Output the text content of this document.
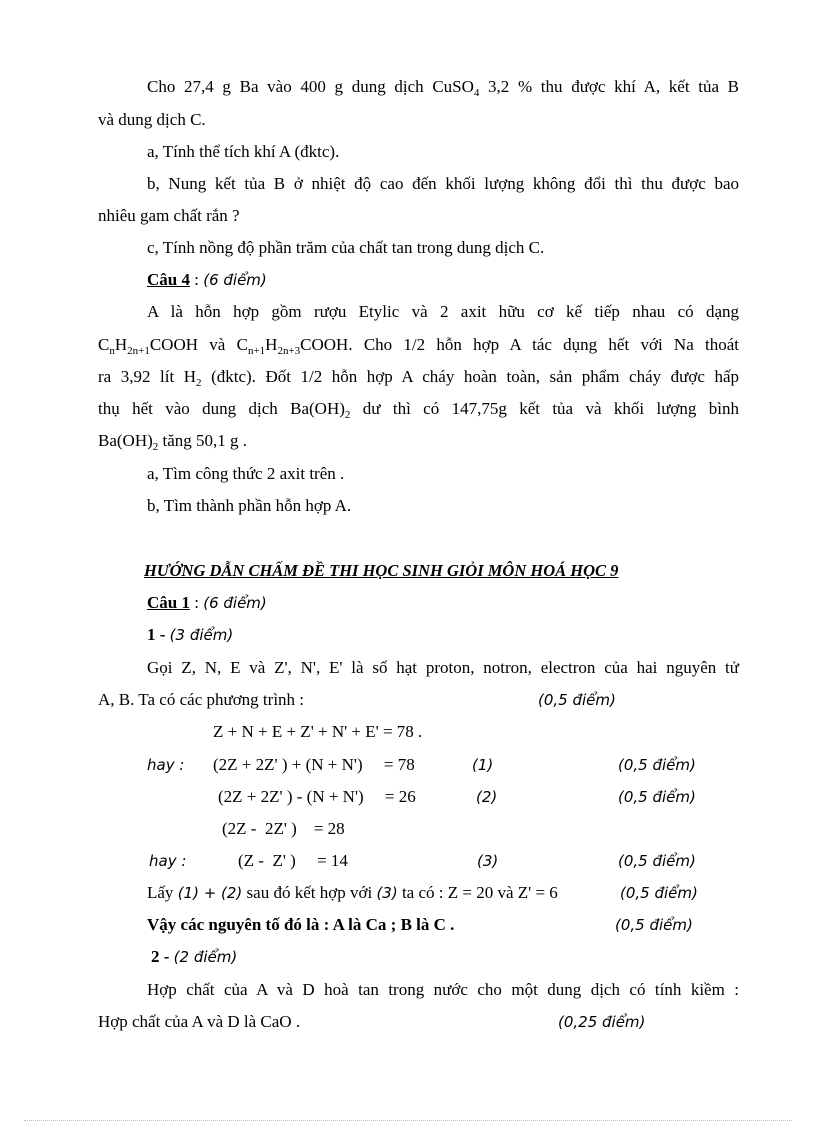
Cho 27,4 g Ba vào 400 g dung dịch CuSO$_4$ 3,2 % thu được khí A, kết tủa B
và dung dịch C.
a, Tính thể tích khí A (đktc).
b, Nung kết tủa B ở nhiệt độ cao đến khối lượng không đổi thì thu được bao
nhiêu gam chất rắn ?
c, Tính nồng độ phần trăm của chất tan trong dung dịch C.
Câu 4 : (6 điểm)
A là hỗn hợp gồm rượu Etylic và 2 axit hữu cơ kế tiếp nhau có dạng
$C_nH_{2n+1}COOH$ và $C_{n+1}H_{2n+3}COOH$. Cho 1/2 hỗn hợp A tác dụng hết với Na thoát
ra 3,92 lít $H_2$ (đktc). Đốt 1/2 hỗn hợp A cháy hoàn toàn, sản phẩm cháy được hấp
thụ hết vào dung dịch $Ba(OH)_2$ dư thì có 147,75g kết tủa và khối lượng bình
$Ba(OH)_2$ tăng 50,1 g .
a, Tìm công thức 2 axit trên .
b, Tìm thành phần hỗn hợp A.
HƯỚNG DẪN CHẤM ĐỀ THI HỌC SINH GIỎI MÔN HOÁ HỌC 9
Câu 1 : (6 điểm)
1 - (3 điểm)
Gọi Z, N, E và Z', N', E' là số hạt proton, notron, electron của hai nguyên tử
A, B. Ta có các phương trình :	(0,5 điểm)
Z + N + E + Z' + N' + E' = 78 .
hay : (2Z + 2Z' ) + (N + N')     = 78	(1)	(0,5 điểm)
(2Z + 2Z' ) - (N + N')     = 26	(2)	(0,5 điểm)
(2Z -  2Z' )    = 28
hay :	(Z -  Z' )     = 14	(3)	(0,5 điểm)
Lấy (1) + (2) sau đó kết hợp với (3) ta có : Z = 20 và Z' = 6	(0,5 điểm)
Vậy các nguyên tố đó là : A là Ca ; B là C .	(0,5 điểm)
2 - (2 điểm)
Hợp chất của A và D hoà tan trong nước cho một dung dịch có tính kiềm :
Hợp chất của A và D là CaO .	(0,25 điểm)
